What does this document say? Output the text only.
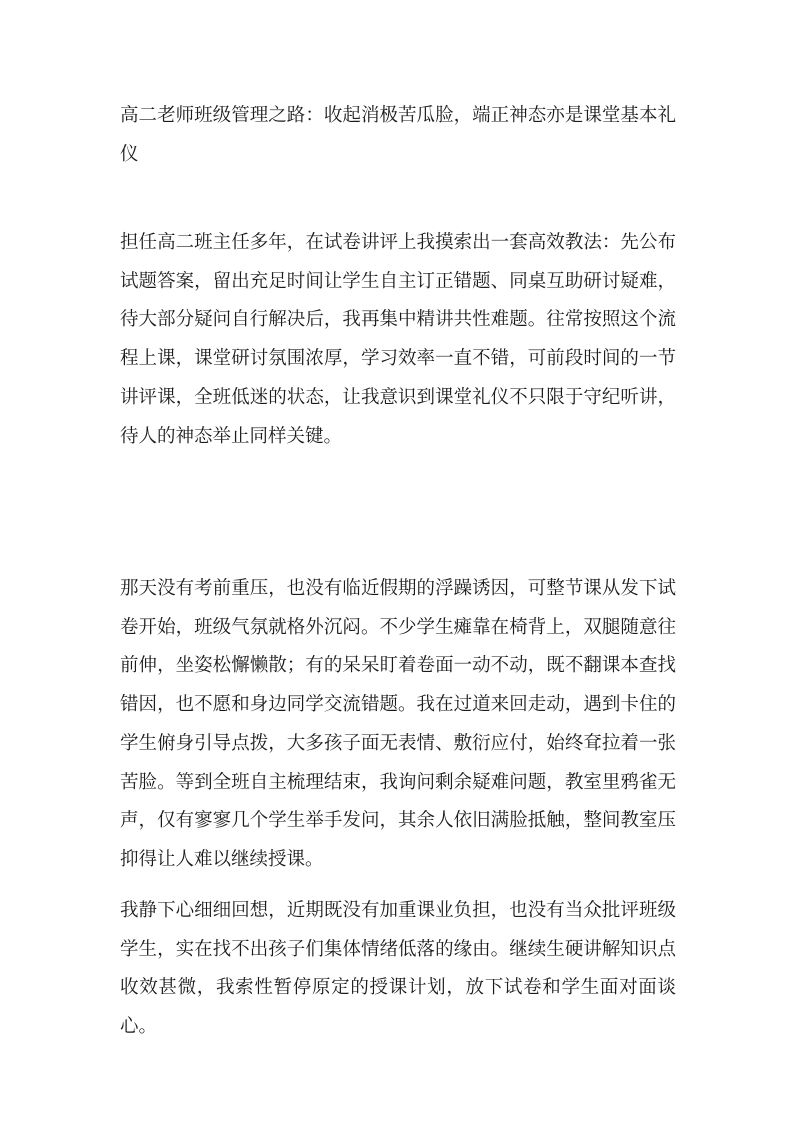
高二老师班级管理之路：收起消极苦瓜脸，端正神态亦是课堂基本礼仪

担任高二班主任多年，在试卷讲评上我摸索出一套高效教法：先公布试题答案，留出充足时间让学生自主订正错题、同桌互助研讨疑难，待大部分疑问自行解决后，我再集中精讲共性难题。往常按照这个流程上课，课堂研讨氛围浓厚，学习效率一直不错，可前段时间的一节讲评课，全班低迷的状态，让我意识到课堂礼仪不只限于守纪听讲，待人的神态举止同样关键。

那天没有考前重压，也没有临近假期的浮躁诱因，可整节课从发下试卷开始，班级气氛就格外沉闷。不少学生瘫靠在椅背上，双腿随意往前伸，坐姿松懈懒散；有的呆呆盯着卷面一动不动，既不翻课本查找错因，也不愿和身边同学交流错题。我在过道来回走动，遇到卡住的学生俯身引导点拨，大多孩子面无表情、敷衍应付，始终耷拉着一张苦脸。等到全班自主梳理结束，我询问剩余疑难问题，教室里鸦雀无声，仅有寥寥几个学生举手发问，其余人依旧满脸抵触，整间教室压抑得让人难以继续授课。

我静下心细细回想，近期既没有加重课业负担，也没有当众批评班级学生，实在找不出孩子们集体情绪低落的缘由。继续生硬讲解知识点收效甚微，我索性暂停原定的授课计划，放下试卷和学生面对面谈心。
